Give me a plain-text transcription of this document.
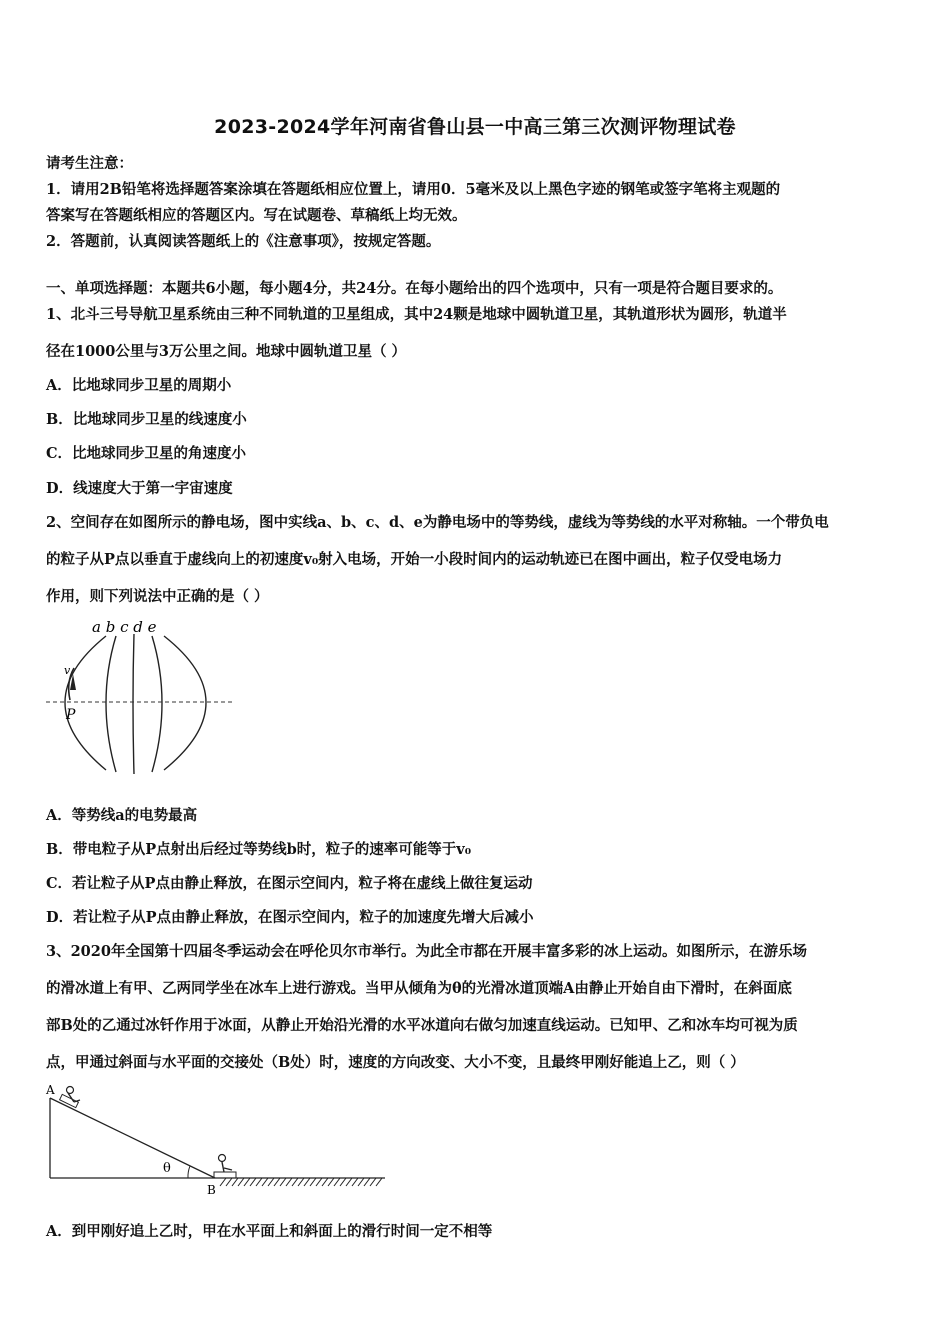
2023-2024学年河南省鲁山县一中高三第三次测评物理试卷
请考生注意：
1．请用2B铅笔将选择题答案涂填在答题纸相应位置上，请用0．5毫米及以上黑色字迹的钢笔或签字笔将主观题的
答案写在答题纸相应的答题区内。写在试题卷、草稿纸上均无效。
2．答题前，认真阅读答题纸上的《注意事项》，按规定答题。
一、单项选择题：本题共6小题，每小题4分，共24分。在每小题给出的四个选项中，只有一项是符合题目要求的。
1、北斗三号导航卫星系统由三种不同轨道的卫星组成，其中24颗是地球中圆轨道卫星，其轨道形状为圆形，轨道半
径在1000公里与3万公里之间。地球中圆轨道卫星（ ）
A．比地球同步卫星的周期小
B．比地球同步卫星的线速度小
C．比地球同步卫星的角速度小
D．线速度大于第一宇宙速度
2、空间存在如图所示的静电场，图中实线a、b、c、d、e为静电场中的等势线，虚线为等势线的水平对称轴。一个带负电
的粒子从P点以垂直于虚线向上的初速度v₀射入电场，开始一小段时间内的运动轨迹已在图中画出，粒子仅受电场力
作用，则下列说法中正确的是（ ）
a b c d e
v
P
A．等势线a的电势最高
B．带电粒子从P点射出后经过等势线b时，粒子的速率可能等于v₀
C．若让粒子从P点由静止释放，在图示空间内，粒子将在虚线上做往复运动
D．若让粒子从P点由静止释放，在图示空间内，粒子的加速度先增大后减小
3、2020年全国第十四届冬季运动会在呼伦贝尔市举行。为此全市都在开展丰富多彩的冰上运动。如图所示，在游乐场
的滑冰道上有甲、乙两同学坐在冰车上进行游戏。当甲从倾角为θ的光滑冰道顶端A由静止开始自由下滑时，在斜面底
部B处的乙通过冰钎作用于冰面，从静止开始沿光滑的水平冰道向右做匀加速直线运动。已知甲、乙和冰车均可视为质
点，甲通过斜面与水平面的交接处（B处）时，速度的方向改变、大小不变，且最终甲刚好能追上乙，则（ ）
A
θ
B
A．到甲刚好追上乙时，甲在水平面上和斜面上的滑行时间一定不相等
